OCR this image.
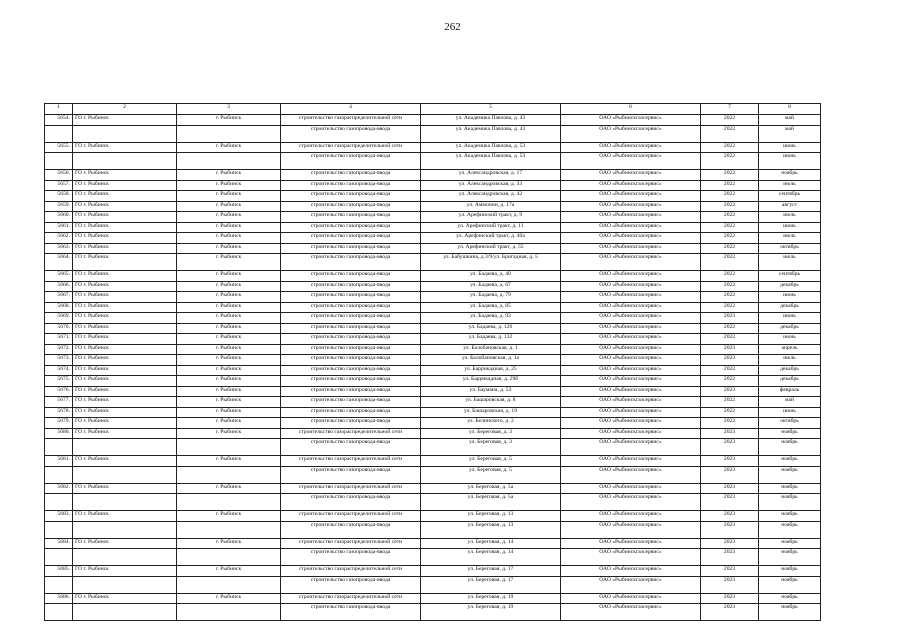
262
1	2	3	4	5	6	7	8
5654.	ГО г. Рыбинск	г. Рыбинск	строительство газораспределительной сети	ул. Академика Павлова, д. 43	ОАО «Рыбинскгазсервис»	2022	май
			строительство газопровода-ввода	ул. Академика Павлова, д. 43	ОАО «Рыбинскгазсервис»	2022	май
5655.	ГО г. Рыбинск	г. Рыбинск	строительство газораспределительной сети	ул. Академика Павлова, д. 53	ОАО «Рыбинскгазсервис»	2022	июнь
			строительство газопровода-ввода	ул. Академика Павлова, д. 53	ОАО «Рыбинскгазсервис»	2022	июнь
5656.	ГО г. Рыбинск	г. Рыбинск	строительство газопровода-ввода	ул. Александровская, д. 17	ОАО «Рыбинскгазсервис»	2022	ноябрь
5657.	ГО г. Рыбинск	г. Рыбинск	строительство газопровода-ввода	ул. Александровская, д. 33	ОАО «Рыбинскгазсервис»	2022	июль
5658.	ГО г. Рыбинск	г. Рыбинск	строительство газопровода-ввода	ул. Александровская, д. 42	ОАО «Рыбинскгазсервис»	2022	сентябрь
5659.	ГО г. Рыбинск	г. Рыбинск	строительство газопровода-ввода	ул. Аммонии, д. 17а	ОАО «Рыбинскгазсервис»	2022	август
5660.	ГО г. Рыбинск	г. Рыбинск	строительство газопровода-ввода	ул. Арефинский тракт, д. 9	ОАО «Рыбинскгазсервис»	2022	июль
5661.	ГО г. Рыбинск	г. Рыбинск	строительство газопровода-ввода	ул. Арефинский тракт, д. 11	ОАО «Рыбинскгазсервис»	2022	июнь
5662.	ГО г. Рыбинск	г. Рыбинск	строительство газопровода-ввода	ул. Арефинский тракт, д. 40а	ОАО «Рыбинскгазсервис»	2022	июль
5663.	ГО г. Рыбинск	г. Рыбинск	строительство газопровода-ввода	ул. Арефинский тракт, д. 55	ОАО «Рыбинскгазсервис»	2022	октябрь
5664.	ГО г. Рыбинск	г. Рыбинск	строительство газопровода-ввода	ул. Бабушкина, д.3/9/ул. Бригадная, д. 5	ОАО «Рыбинскгазсервис»	2022	июль
5665.	ГО г. Рыбинск	г. Рыбинск	строительство газопровода-ввода	ул. Бадаева, д. 40	ОАО «Рыбинскгазсервис»	2022	сентябрь
5666.	ГО г. Рыбинск	г. Рыбинск	строительство газопровода-ввода	ул. Бадаева, д. 67	ОАО «Рыбинскгазсервис»	2022	декабрь
5667.	ГО г. Рыбинск	г. Рыбинск	строительство газопровода-ввода	ул. Бадаева, д. 79	ОАО «Рыбинскгазсервис»	2022	июнь
5668.	ГО г. Рыбинск	г. Рыбинск	строительство газопровода-ввода	ул. Бадаева, д. 85	ОАО «Рыбинскгазсервис»	2022	декабрь
5669.	ГО г. Рыбинск	г. Рыбинск	строительство газопровода-ввода	ул. Бадаева, д. 93	ОАО «Рыбинскгазсервис»	2023	июнь
5670.	ГО г. Рыбинск	г. Рыбинск	строительство газопровода-ввода	ул. Бадаева, д. 126	ОАО «Рыбинскгазсервис»	2022	декабрь
5671.	ГО г. Рыбинск	г. Рыбинск	строительство газопровода-ввода	ул. Бадаева, д. 132	ОАО «Рыбинскгазсервис»	2022	июнь
5672.	ГО г. Рыбинск	г. Рыбинск	строительство газопровода-ввода	ул. Балобановская, д. 1	ОАО «Рыбинскгазсервис»	2023	апрель
5673.	ГО г. Рыбинск	г. Рыбинск	строительство газопровода-ввода	ул. Балобановская, д. 1а	ОАО «Рыбинскгазсервис»	2023	июль
5674.	ГО г. Рыбинск	г. Рыбинск	строительство газопровода-ввода	ул. Баррикадная, д. 25	ОАО «Рыбинскгазсервис»	2022	декабрь
5675.	ГО г. Рыбинск	г. Рыбинск	строительство газопровода-ввода	ул. Баррикадная, д. 29б	ОАО «Рыбинскгазсервис»	2022	декабрь
5676.	ГО г. Рыбинск	г. Рыбинск	строительство газопровода-ввода	ул. Баумана, д. 53	ОАО «Рыбинскгазсервис»	2023	февраль
5677.	ГО г. Рыбинск	г. Рыбинск	строительство газопровода-ввода	ул. Башаровская, д. 8	ОАО «Рыбинскгазсервис»	2022	май
5678.	ГО г. Рыбинск	г. Рыбинск	строительство газопровода-ввода	ул. Башаровская, д. 19	ОАО «Рыбинскгазсервис»	2022	июнь
5679.	ГО г. Рыбинск	г. Рыбинск	строительство газопровода-ввода	ул. Белинского, д. 2	ОАО «Рыбинскгазсервис»	2022	октябрь
5680.	ГО г. Рыбинск	г. Рыбинск	строительство газораспределительной сети	ул. Береговая, д. 3	ОАО «Рыбинскгазсервис»	2023	ноябрь
			строительство газопровода-ввода	ул. Береговая, д. 3	ОАО «Рыбинскгазсервис»	2023	ноябрь
5681.	ГО г. Рыбинск	г. Рыбинск	строительство газораспределительной сети	ул. Береговая, д. 5	ОАО «Рыбинскгазсервис»	2023	ноябрь
			строительство газопровода-ввода	ул. Береговая, д. 5	ОАО «Рыбинскгазсервис»	2023	ноябрь
5682.	ГО г. Рыбинск	г. Рыбинск	строительство газораспределительной сети	ул. Береговая, д. 5а	ОАО «Рыбинскгазсервис»	2023	ноябрь
			строительство газопровода-ввода	ул. Береговая, д. 5а	ОАО «Рыбинскгазсервис»	2023	ноябрь
5683.	ГО г. Рыбинск	г. Рыбинск	строительство газораспределительной сети	ул. Береговая, д. 13	ОАО «Рыбинскгазсервис»	2023	ноябрь
			строительство газопровода-ввода	ул. Береговая, д. 13	ОАО «Рыбинскгазсервис»	2023	ноябрь
5684.	ГО г. Рыбинск	г. Рыбинск	строительство газораспределительной сети	ул. Береговая, д. 14	ОАО «Рыбинскгазсервис»	2023	ноябрь
			строительство газопровода-ввода	ул. Береговая, д. 14	ОАО «Рыбинскгазсервис»	2023	ноябрь
5685.	ГО г. Рыбинск	г. Рыбинск	строительство газораспределительной сети	ул. Береговая, д. 17	ОАО «Рыбинскгазсервис»	2023	ноябрь
			строительство газопровода-ввода	ул. Береговая, д. 17	ОАО «Рыбинскгазсервис»	2023	ноябрь
5686.	ГО г. Рыбинск	г. Рыбинск	строительство газораспределительной сети	ул. Береговая, д. 19	ОАО «Рыбинскгазсервис»	2023	ноябрь
			строительство газопровода-ввода	ул. Береговая, д. 19	ОАО «Рыбинскгазсервис»	2023	ноябрь
